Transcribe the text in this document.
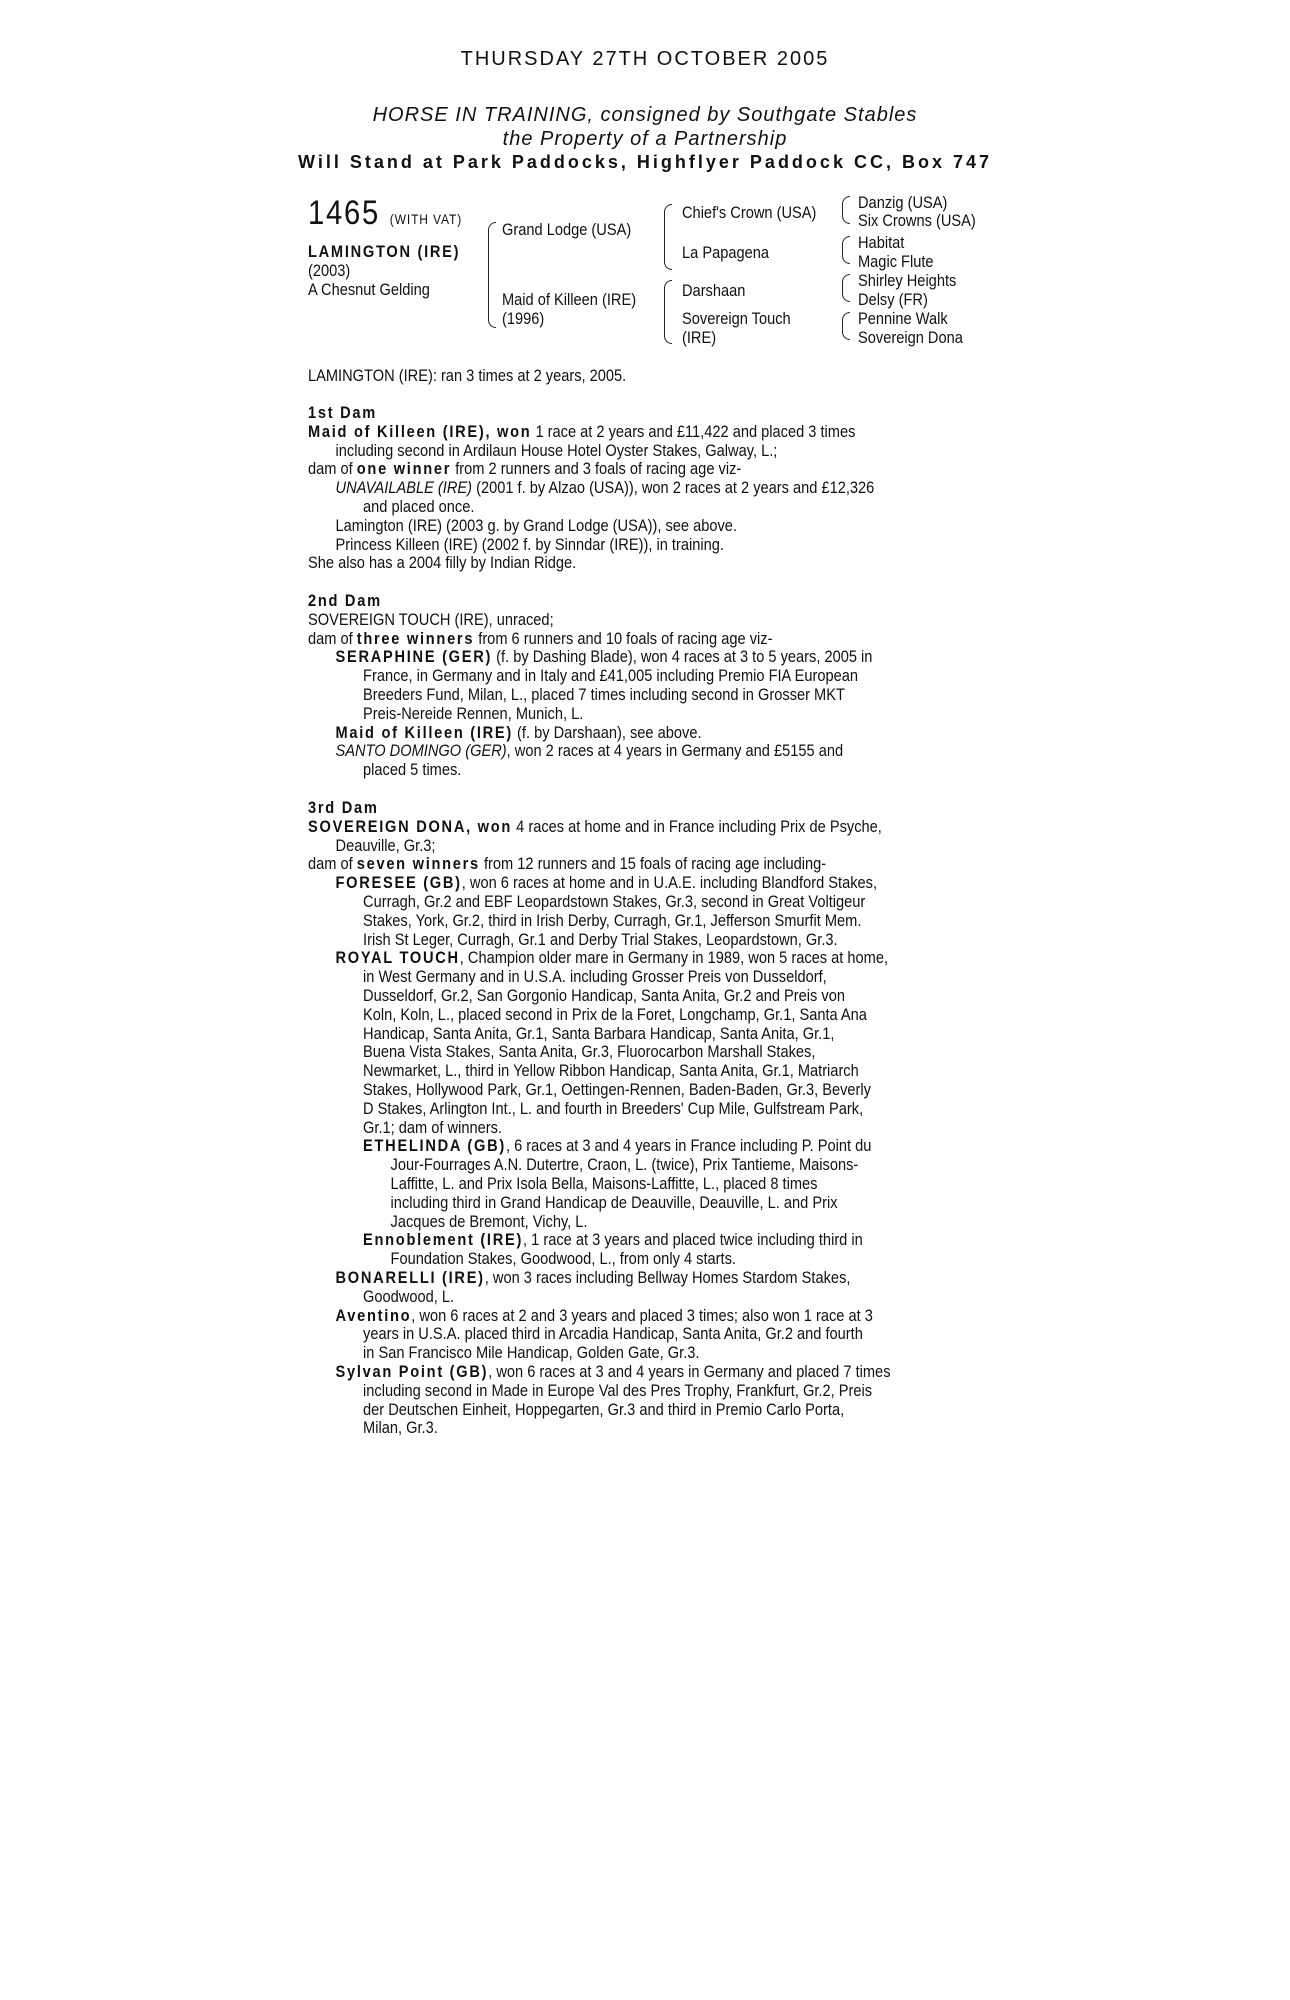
THURSDAY 27TH OCTOBER 2005
HORSE IN TRAINING, consigned by Southgate Stables
the Property of a Partnership
Will Stand at Park Paddocks, Highflyer Paddock CC, Box 747
1465 (WITH VAT)
LAMINGTON (IRE)
(2003)
A Chesnut Gelding
Grand Lodge (USA)
Maid of Killeen (IRE)
(1996)
Chief's Crown (USA)
La Papagena
Darshaan
Sovereign Touch
(IRE)
Danzig (USA)
Six Crowns (USA)
Habitat
Magic Flute
Shirley Heights
Delsy (FR)
Pennine Walk
Sovereign Dona
LAMINGTON (IRE): ran 3 times at 2 years, 2005.
1st Dam
Maid of Killeen (IRE), won 1 race at 2 years and £11,422 and placed 3 times
including second in Ardilaun House Hotel Oyster Stakes, Galway, L.;
dam of one winner from 2 runners and 3 foals of racing age viz-
UNAVAILABLE (IRE) (2001 f. by Alzao (USA)), won 2 races at 2 years and £12,326
and placed once.
Lamington (IRE) (2003 g. by Grand Lodge (USA)), see above.
Princess Killeen (IRE) (2002 f. by Sinndar (IRE)), in training.
She also has a 2004 filly by Indian Ridge.
2nd Dam
SOVEREIGN TOUCH (IRE), unraced;
dam of three winners from 6 runners and 10 foals of racing age viz-
SERAPHINE (GER) (f. by Dashing Blade), won 4 races at 3 to 5 years, 2005 in
France, in Germany and in Italy and £41,005 including Premio FIA European
Breeders Fund, Milan, L., placed 7 times including second in Grosser MKT
Preis-Nereide Rennen, Munich, L.
Maid of Killeen (IRE) (f. by Darshaan), see above.
SANTO DOMINGO (GER), won 2 races at 4 years in Germany and £5155 and
placed 5 times.
3rd Dam
SOVEREIGN DONA, won 4 races at home and in France including Prix de Psyche,
Deauville, Gr.3;
dam of seven winners from 12 runners and 15 foals of racing age including-
FORESEE (GB), won 6 races at home and in U.A.E. including Blandford Stakes,
Curragh, Gr.2 and EBF Leopardstown Stakes, Gr.3, second in Great Voltigeur
Stakes, York, Gr.2, third in Irish Derby, Curragh, Gr.1, Jefferson Smurfit Mem.
Irish St Leger, Curragh, Gr.1 and Derby Trial Stakes, Leopardstown, Gr.3.
ROYAL TOUCH, Champion older mare in Germany in 1989, won 5 races at home,
in West Germany and in U.S.A. including Grosser Preis von Dusseldorf,
Dusseldorf, Gr.2, San Gorgonio Handicap, Santa Anita, Gr.2 and Preis von
Koln, Koln, L., placed second in Prix de la Foret, Longchamp, Gr.1, Santa Ana
Handicap, Santa Anita, Gr.1, Santa Barbara Handicap, Santa Anita, Gr.1,
Buena Vista Stakes, Santa Anita, Gr.3, Fluorocarbon Marshall Stakes,
Newmarket, L., third in Yellow Ribbon Handicap, Santa Anita, Gr.1, Matriarch
Stakes, Hollywood Park, Gr.1, Oettingen-Rennen, Baden-Baden, Gr.3, Beverly
D Stakes, Arlington Int., L. and fourth in Breeders' Cup Mile, Gulfstream Park,
Gr.1; dam of winners.
ETHELINDA (GB), 6 races at 3 and 4 years in France including P. Point du
Jour-Fourrages A.N. Dutertre, Craon, L. (twice), Prix Tantieme, Maisons-
Laffitte, L. and Prix Isola Bella, Maisons-Laffitte, L., placed 8 times
including third in Grand Handicap de Deauville, Deauville, L. and Prix
Jacques de Bremont, Vichy, L.
Ennoblement (IRE), 1 race at 3 years and placed twice including third in
Foundation Stakes, Goodwood, L., from only 4 starts.
BONARELLI (IRE), won 3 races including Bellway Homes Stardom Stakes,
Goodwood, L.
Aventino, won 6 races at 2 and 3 years and placed 3 times; also won 1 race at 3
years in U.S.A. placed third in Arcadia Handicap, Santa Anita, Gr.2 and fourth
in San Francisco Mile Handicap, Golden Gate, Gr.3.
Sylvan Point (GB), won 6 races at 3 and 4 years in Germany and placed 7 times
including second in Made in Europe Val des Pres Trophy, Frankfurt, Gr.2, Preis
der Deutschen Einheit, Hoppegarten, Gr.3 and third in Premio Carlo Porta,
Milan, Gr.3.
